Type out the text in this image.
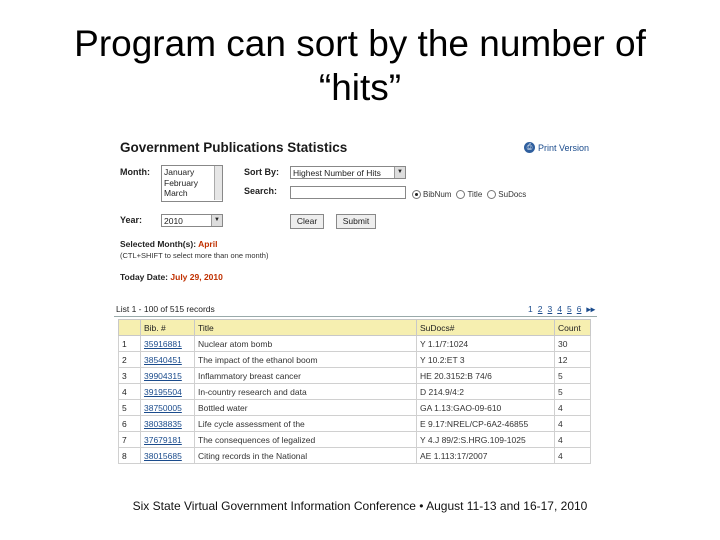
Program can sort by the number of
“hits”
Government Publications Statistics	⎙ Print Version
Month: January
February
March
Sort By:	Highest Number of Hits	▼
Search:	BibNum Title SuDocs
Year:	2010	▼	Clear	Submit
Selected Month(s): April
(CTL+SHIFT to select more than one month)
Today Date: July 29, 2010
List 1 - 100 of 515 records	1 2 3 4 5 6 ▸▸
	Bib. #	Title	SuDocs#	Count
1	35916881	Nuclear atom bomb	Y 1.1/7:1024	30
2	38540451	The impact of the ethanol boom	Y 10.2:ET 3	12
3	39904315	Inflammatory breast cancer	HE 20.3152:B 74/6	5
4	39195504	In-country research and data	D 214.9/4:2	5
5	38750005	Bottled water	GA 1.13:GAO-09-610	4
6	38038835	Life cycle assessment of the	E 9.17:NREL/CP-6A2-46855	4
7	37679181	The consequences of legalized	Y 4.J 89/2:S.HRG.109-1025	4
8	38015685	Citing records in the National	AE 1.113:17/2007	4
Six State Virtual Government Information Conference • August 11-13 and 16-17, 2010
